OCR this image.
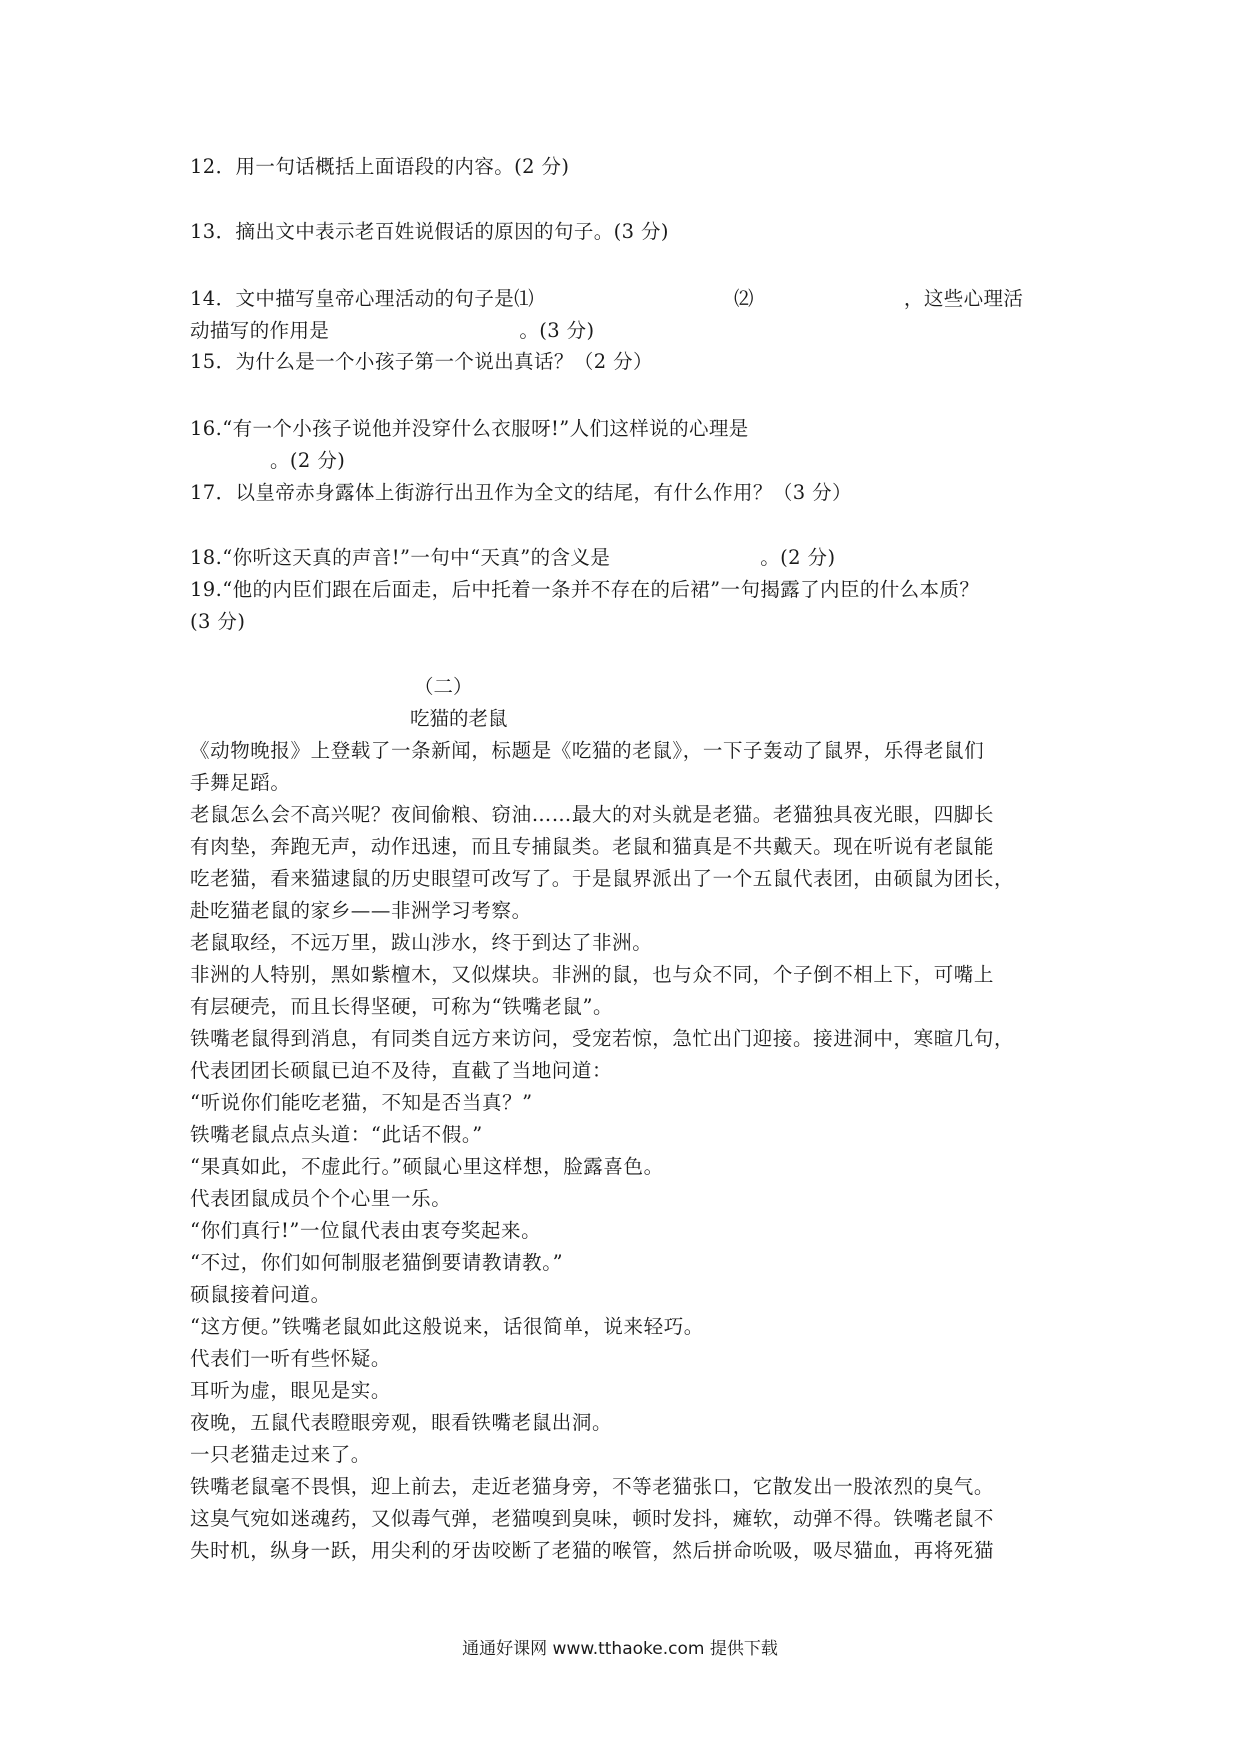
12．用一句话概括上面语段的内容。(2 分)
13．摘出文中表示老百姓说假话的原因的句子。(3 分)
14．文中描写皇帝心理活动的句子是⑴	⑵	，这些心理活
动描写的作用是	。(3 分)
15．为什么是一个小孩子第一个说出真话？（2 分）
16.“有一个小孩子说他并没穿什么衣服呀!”人们这样说的心理是
。(2 分)
17．以皇帝赤身露体上街游行出丑作为全文的结尾，有什么作用？（3 分）
18.“你听这天真的声音!”一句中“天真”的含义是	。(2 分)
19.“他的内臣们跟在后面走，后中托着一条并不存在的后裙”一句揭露了内臣的什么本质？
(3 分)
（二）
吃猫的老鼠
《动物晚报》上登载了一条新闻，标题是《吃猫的老鼠》，一下子轰动了鼠界，乐得老鼠们
手舞足蹈。
老鼠怎么会不高兴呢？夜间偷粮、窃油……最大的对头就是老猫。老猫独具夜光眼，四脚长
有肉垫，奔跑无声，动作迅速，而且专捕鼠类。老鼠和猫真是不共戴天。现在听说有老鼠能
吃老猫，看来猫逮鼠的历史眼望可改写了。于是鼠界派出了一个五鼠代表团，由硕鼠为团长，
赴吃猫老鼠的家乡——非洲学习考察。
老鼠取经，不远万里，跋山涉水，终于到达了非洲。
非洲的人特别，黑如紫檀木，又似煤块。非洲的鼠，也与众不同，个子倒不相上下，可嘴上
有层硬壳，而且长得坚硬，可称为“铁嘴老鼠”。
铁嘴老鼠得到消息，有同类自远方来访问，受宠若惊，急忙出门迎接。接进洞中，寒暄几句，
代表团团长硕鼠已迫不及待，直截了当地问道：
“听说你们能吃老猫，不知是否当真？”
铁嘴老鼠点点头道：“此话不假。”
“果真如此，不虚此行。”硕鼠心里这样想，脸露喜色。
代表团鼠成员个个心里一乐。
“你们真行!”一位鼠代表由衷夸奖起来。
“不过，你们如何制服老猫倒要请教请教。”
硕鼠接着问道。
“这方便。”铁嘴老鼠如此这般说来，话很简单，说来轻巧。
代表们一听有些怀疑。
耳听为虚，眼见是实。
夜晚，五鼠代表瞪眼旁观，眼看铁嘴老鼠出洞。
一只老猫走过来了。
铁嘴老鼠毫不畏惧，迎上前去，走近老猫身旁，不等老猫张口，它散发出一股浓烈的臭气。
这臭气宛如迷魂药，又似毒气弹，老猫嗅到臭味，顿时发抖，瘫软，动弹不得。铁嘴老鼠不
失时机，纵身一跃，用尖利的牙齿咬断了老猫的喉管，然后拼命吮吸，吸尽猫血，再将死猫
通通好课网 www.tthaoke.com 提供下载
